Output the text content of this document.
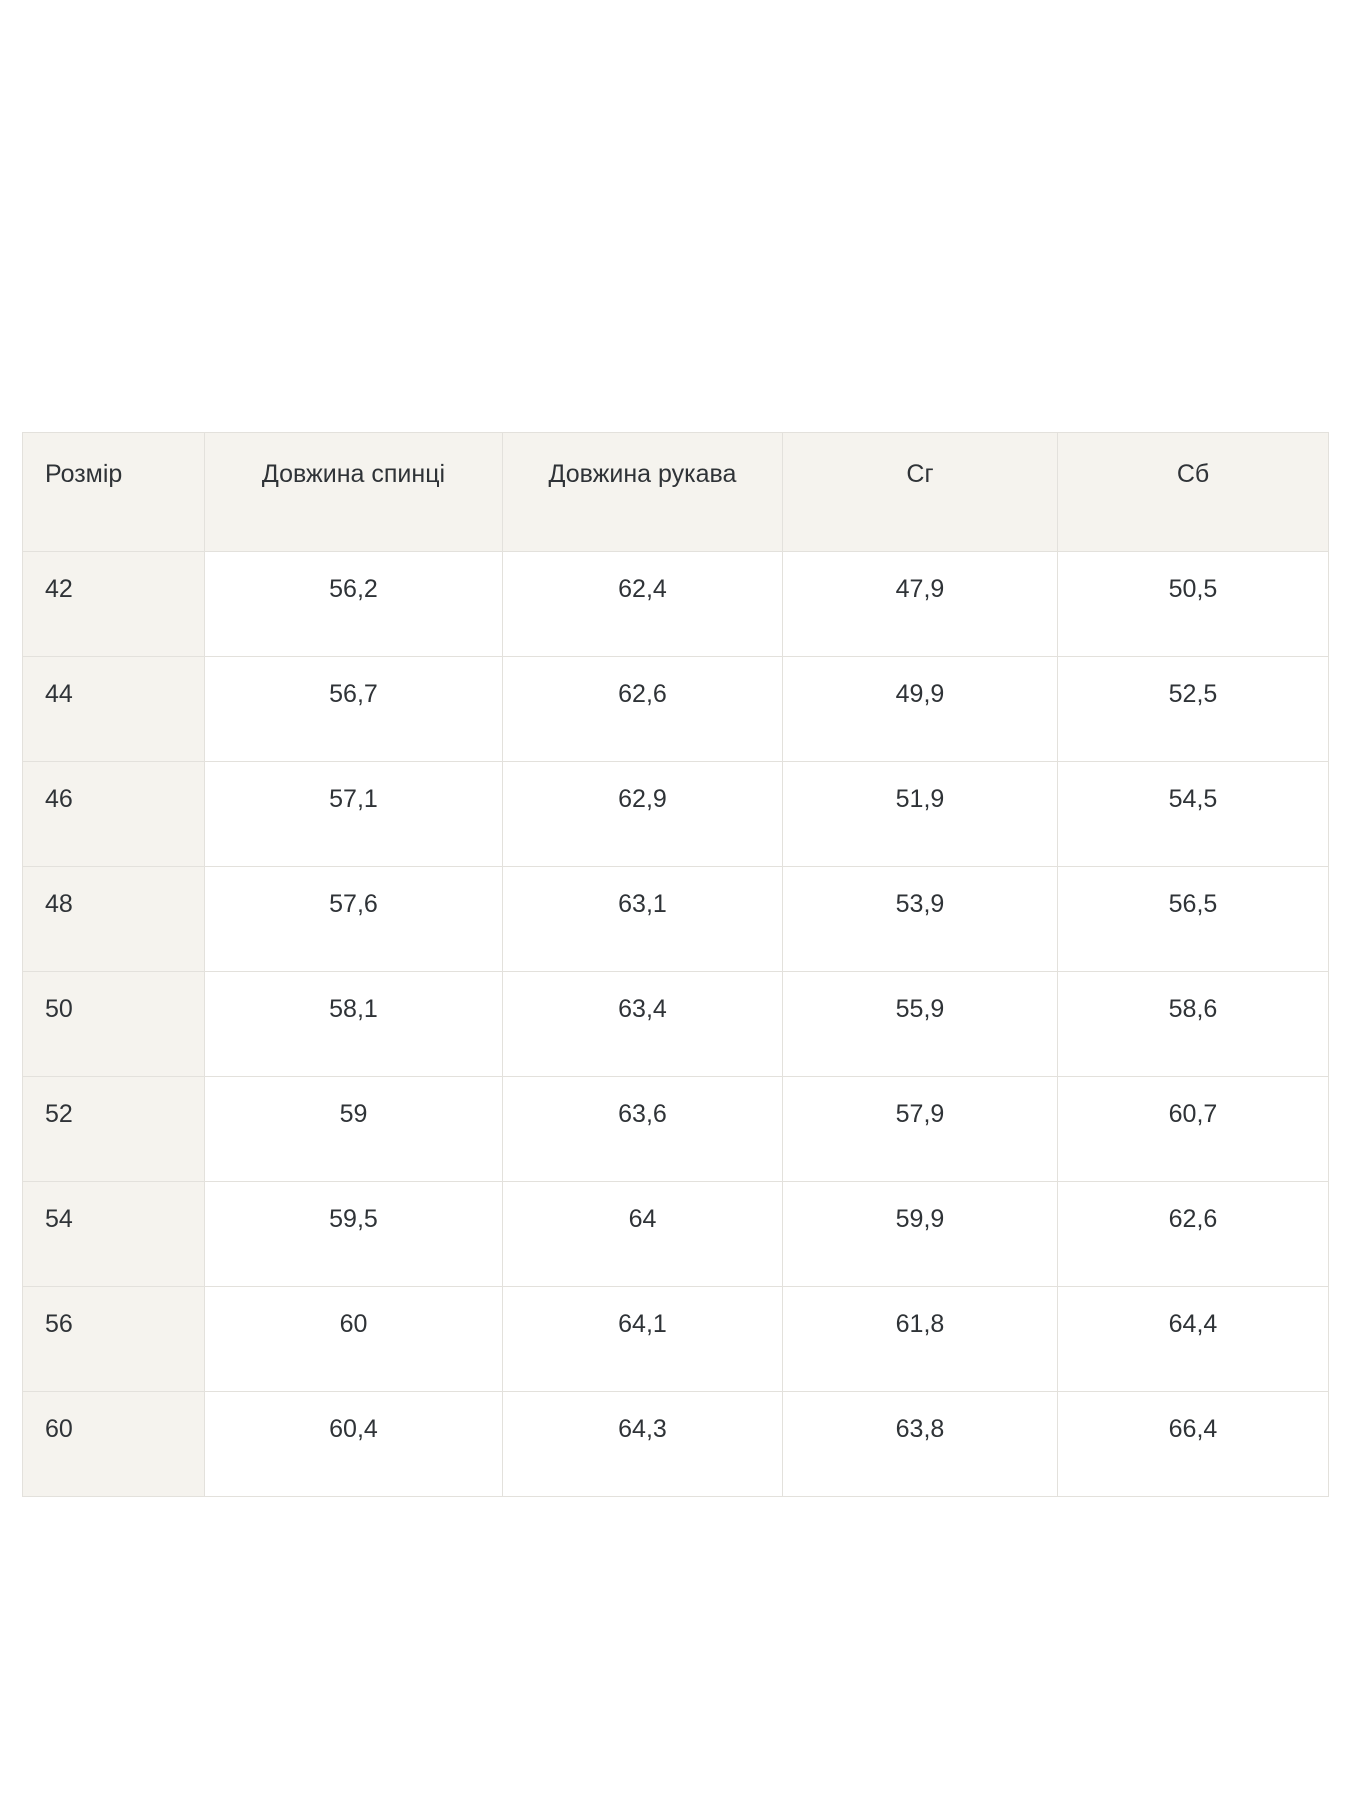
Розмір	Довжина спинці	Довжина рукава	Сг	Сб
42	56,2	62,4	47,9	50,5
44	56,7	62,6	49,9	52,5
46	57,1	62,9	51,9	54,5
48	57,6	63,1	53,9	56,5
50	58,1	63,4	55,9	58,6
52	59	63,6	57,9	60,7
54	59,5	64	59,9	62,6
56	60	64,1	61,8	64,4
60	60,4	64,3	63,8	66,4
